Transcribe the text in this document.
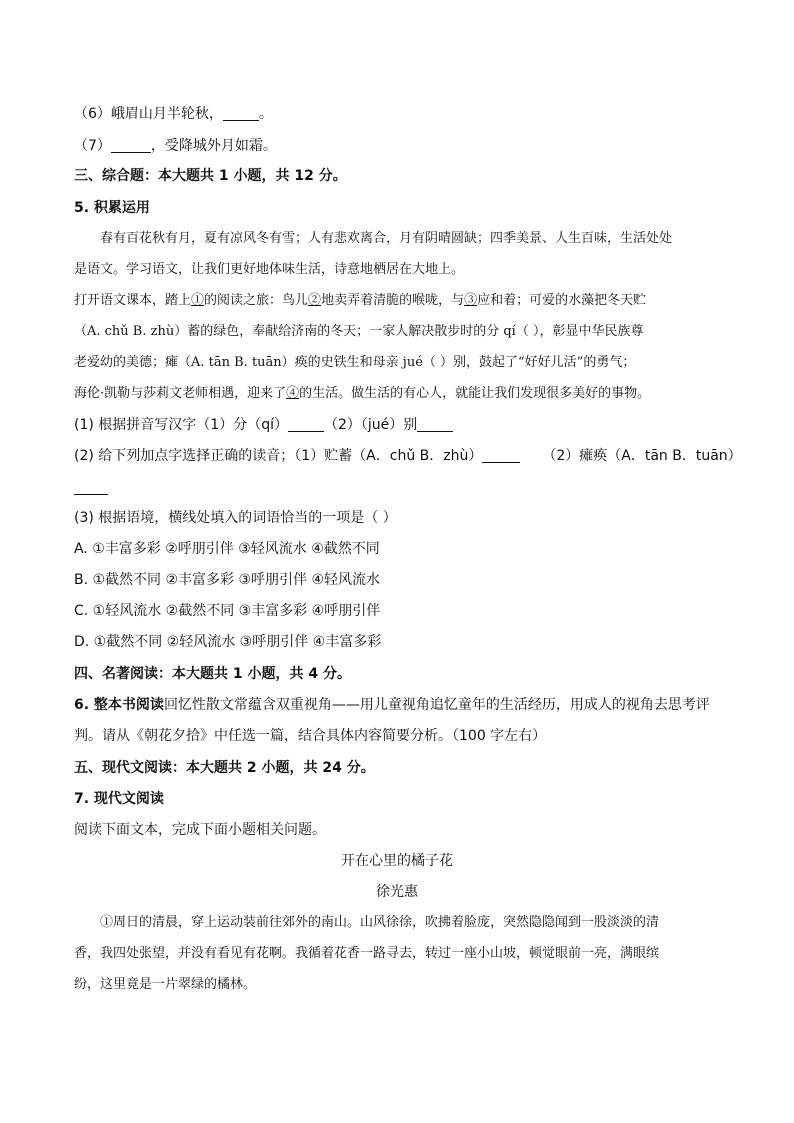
（6）峨眉山月半轮秋，	。
（7）	，受降城外月如霜。
三、综合题：本大题共 1 小题，共 12 分。
5. 积累运用
春有百花秋有月，夏有凉风冬有雪；人有悲欢离合，月有阴晴圆缺；四季美景、人生百味，生活处处
是语文。学习语文，让我们更好地体味生活，诗意地栖居在大地上。
打开语文课本，踏上①的阅读之旅：鸟儿②地卖弄着清脆的喉咙，与③应和着；可爱的水藻把冬天贮
（A. chǔ B. zhù）蓄的绿色，奉献给济南的冬天；一家人解决散步时的分 qí（ ），彰显中华民族尊
老爱幼的美德；瘫（A. tān B. tuān）痪的史铁生和母亲 jué（ ）别，鼓起了“好好儿活”的勇气；
海伦·凯勒与莎莉文老师相遇，迎来了④的生活。做生活的有心人，就能让我们发现很多美好的事物。
(1) 根据拼音写汉字（1）分（qí）	（2）（jué）别
(2) 给下列加点字选择正确的读音；（1）贮蓄（A．chǔ B．zhù）	（2）瘫痪（A．tān B．tuān）
(3) 根据语境，横线处填入的词语恰当的一项是（ ）
A. ①丰富多彩 ②呼朋引伴 ③轻风流水 ④截然不同
B. ①截然不同 ②丰富多彩 ③呼朋引伴 ④轻风流水
C. ①轻风流水 ②截然不同 ③丰富多彩 ④呼朋引伴
D. ①截然不同 ②轻风流水 ③呼朋引伴 ④丰富多彩
四、名著阅读：本大题共 1 小题，共 4 分。
6. 整本书阅读回忆性散文常蕴含双重视角——用儿童视角追忆童年的生活经历，用成人的视角去思考评
判。请从《朝花夕拾》中任选一篇，结合具体内容简要分析。（100 字左右）
五、现代文阅读：本大题共 2 小题，共 24 分。
7. 现代文阅读
阅读下面文本，完成下面小题相关问题。
开在心里的橘子花
徐光惠
①周日的清晨，穿上运动装前往郊外的南山。山风徐徐，吹拂着脸庞，突然隐隐闻到一股淡淡的清
香，我四处张望，并没有看见有花啊。我循着花香一路寻去，转过一座小山坡，顿觉眼前一亮，满眼缤
纷，这里竟是一片翠绿的橘林。
